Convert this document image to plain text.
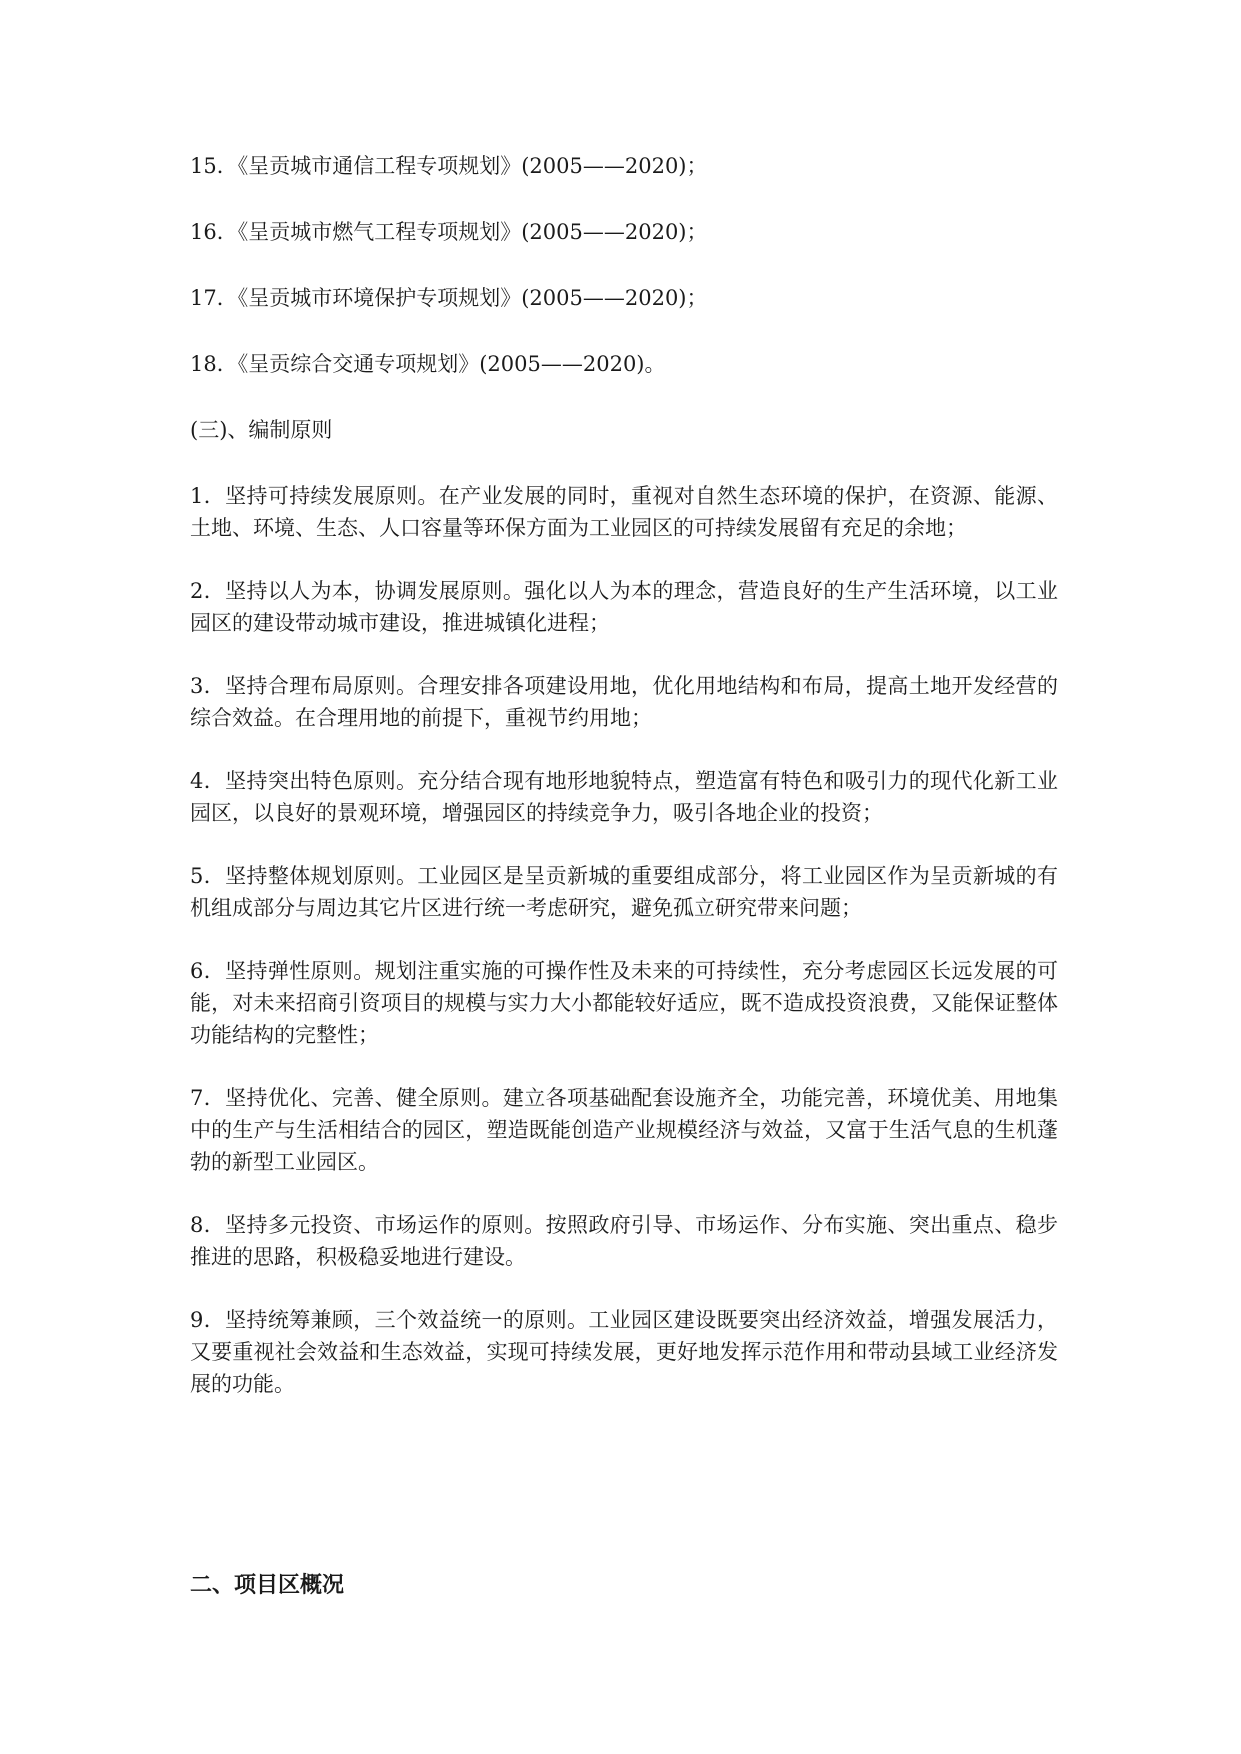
15．《呈贡城市通信工程专项规划》(2005——2020)；

16．《呈贡城市燃气工程专项规划》(2005——2020)；

17．《呈贡城市环境保护专项规划》(2005——2020)；

18．《呈贡综合交通专项规划》(2005——2020)。

(三)、编制原则

1．坚持可持续发展原则。在产业发展的同时，重视对自然生态环境的保护，在资源、能源、土地、环境、生态、人口容量等环保方面为工业园区的可持续发展留有充足的余地；

2．坚持以人为本，协调发展原则。强化以人为本的理念，营造良好的生产生活环境，以工业园区的建设带动城市建设，推进城镇化进程；

3．坚持合理布局原则。合理安排各项建设用地，优化用地结构和布局，提高土地开发经营的综合效益。在合理用地的前提下，重视节约用地；

4．坚持突出特色原则。充分结合现有地形地貌特点，塑造富有特色和吸引力的现代化新工业园区，以良好的景观环境，增强园区的持续竞争力，吸引各地企业的投资；

5．坚持整体规划原则。工业园区是呈贡新城的重要组成部分，将工业园区作为呈贡新城的有机组成部分与周边其它片区进行统一考虑研究，避免孤立研究带来问题；

6．坚持弹性原则。规划注重实施的可操作性及未来的可持续性，充分考虑园区长远发展的可能，对未来招商引资项目的规模与实力大小都能较好适应，既不造成投资浪费，又能保证整体功能结构的完整性；

7．坚持优化、完善、健全原则。建立各项基础配套设施齐全，功能完善，环境优美、用地集中的生产与生活相结合的园区，塑造既能创造产业规模经济与效益，又富于生活气息的生机蓬勃的新型工业园区。

8．坚持多元投资、市场运作的原则。按照政府引导、市场运作、分布实施、突出重点、稳步推进的思路，积极稳妥地进行建设。

9．坚持统筹兼顾，三个效益统一的原则。工业园区建设既要突出经济效益，增强发展活力，又要重视社会效益和生态效益，实现可持续发展，更好地发挥示范作用和带动县域工业经济发展的功能。

二、项目区概况
